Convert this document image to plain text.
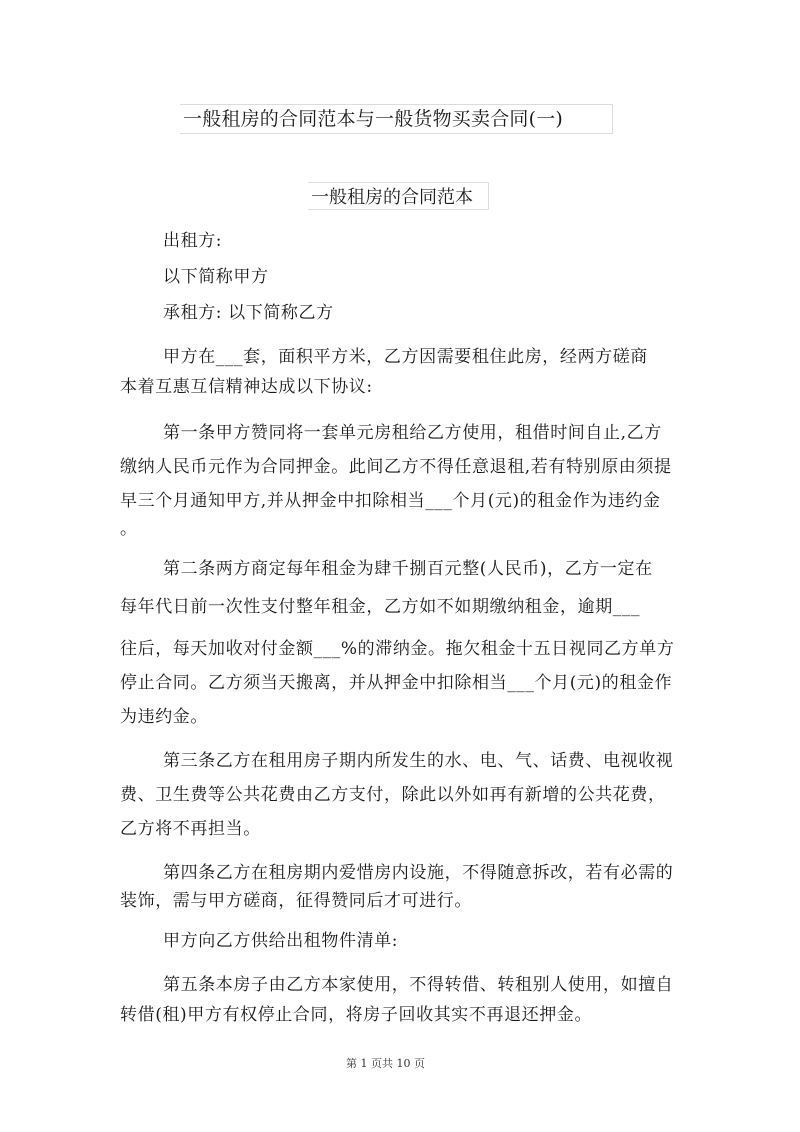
一般租房的合同范本与一般货物买卖合同(一)
一般租房的合同范本
出租方:
以下简称甲方
承租方: 以下简称乙方
甲方在___套，面积平方米，乙方因需要租住此房，经两方磋商
本着互惠互信精神达成以下协议:
第一条甲方赞同将一套单元房租给乙方使用，租借时间自止,乙方
缴纳人民币元作为合同押金。此间乙方不得任意退租,若有特别原由须提
早三个月通知甲方,并从押金中扣除相当___个月(元)的租金作为违约金
。
第二条两方商定每年租金为肆千捌百元整(人民币)，乙方一定在
每年代日前一次性支付整年租金，乙方如不如期缴纳租金，逾期___
往后，每天加收对付金额___%的滞纳金。拖欠租金十五日视同乙方单方
停止合同。乙方须当天搬离，并从押金中扣除相当___个月(元)的租金作
为违约金。
第三条乙方在租用房子期内所发生的水、电、气、话费、电视收视
费、卫生费等公共花费由乙方支付，除此以外如再有新增的公共花费，
乙方将不再担当。
第四条乙方在租房期内爱惜房内设施，不得随意拆改，若有必需的
装饰，需与甲方磋商，征得赞同后才可进行。
甲方向乙方供给出租物件清单:
第五条本房子由乙方本家使用，不得转借、转租别人使用，如擅自
转借(租)甲方有权停止合同，将房子回收其实不再退还押金。
第 1 页共 10 页
